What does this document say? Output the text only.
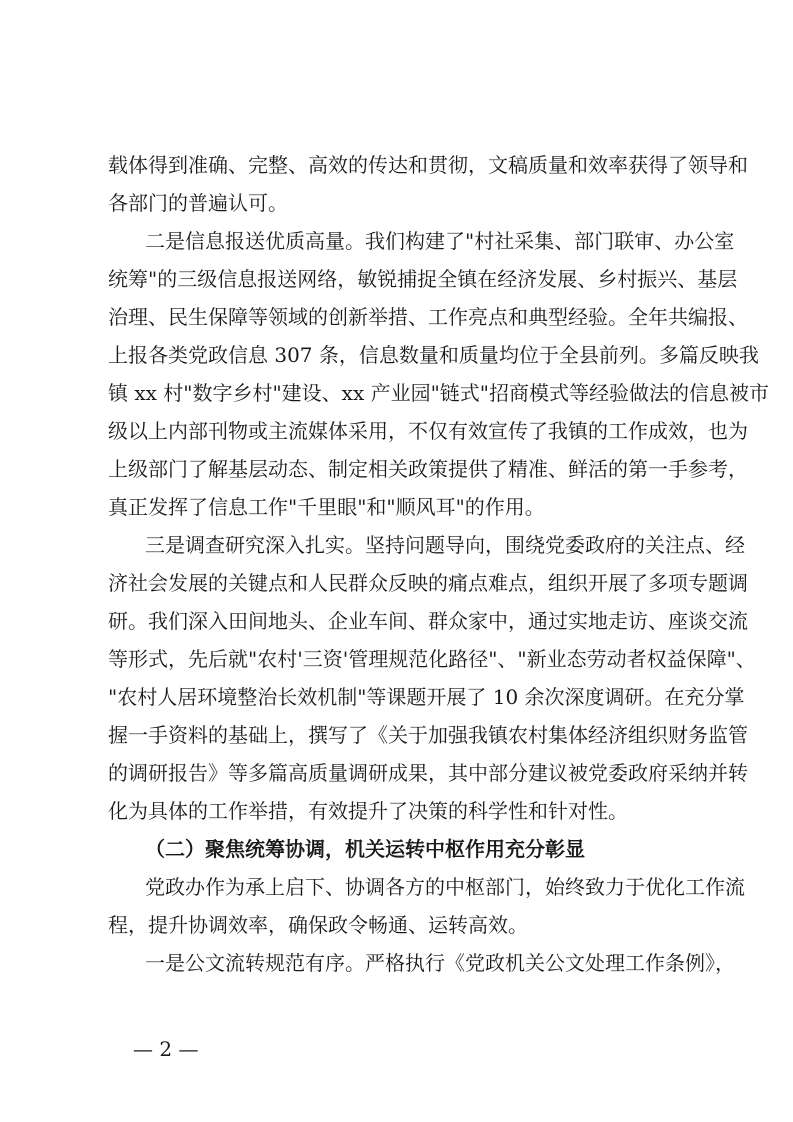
载体得到准确、完整、高效的传达和贯彻，文稿质量和效率获得了领导和
各部门的普遍认可。
二是信息报送优质高量。我们构建了"村社采集、部门联审、办公室
统筹"的三级信息报送网络，敏锐捕捉全镇在经济发展、乡村振兴、基层
治理、民生保障等领域的创新举措、工作亮点和典型经验。全年共编报、
上报各类党政信息 307 条，信息数量和质量均位于全县前列。多篇反映我
镇 xx 村"数字乡村"建设、xx 产业园"链式"招商模式等经验做法的信息被市
级以上内部刊物或主流媒体采用，不仅有效宣传了我镇的工作成效，也为
上级部门了解基层动态、制定相关政策提供了精准、鲜活的第一手参考，
真正发挥了信息工作"千里眼"和"顺风耳"的作用。
三是调查研究深入扎实。坚持问题导向，围绕党委政府的关注点、经
济社会发展的关键点和人民群众反映的痛点难点，组织开展了多项专题调
研。我们深入田间地头、企业车间、群众家中，通过实地走访、座谈交流
等形式，先后就"农村'三资'管理规范化路径"、"新业态劳动者权益保障"、
"农村人居环境整治长效机制"等课题开展了 10 余次深度调研。在充分掌
握一手资料的基础上，撰写了《关于加强我镇农村集体经济组织财务监管
的调研报告》等多篇高质量调研成果，其中部分建议被党委政府采纳并转
化为具体的工作举措，有效提升了决策的科学性和针对性。
（二）聚焦统筹协调，机关运转中枢作用充分彰显
党政办作为承上启下、协调各方的中枢部门，始终致力于优化工作流
程，提升协调效率，确保政令畅通、运转高效。
一是公文流转规范有序。严格执行《党政机关公文处理工作条例》，
— 2 —
